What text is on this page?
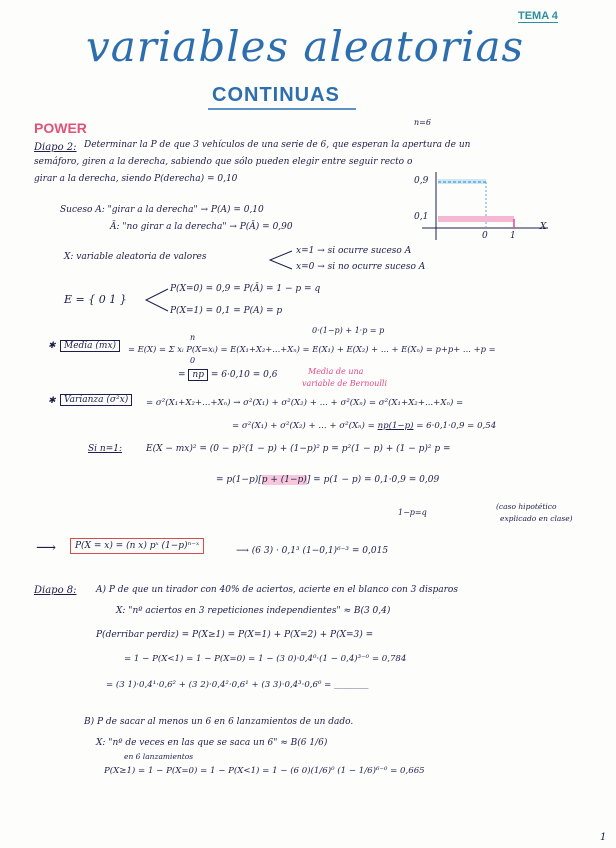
TEMA 4
variables aleatorias
CONTINUAS
POWER
Diapo 2: Determinar la P de que 3 vehículos de una serie de 6, que esperan la apertura de un
n=6
semáforo, giren a la derecha, sabiendo que sólo pueden elegir entre seguir recto o
girar a la derecha, siendo P(derecha) = 0,10	0,9
0,1
0 1
X
Suceso A: "girar a la derecha" → P(A) = 0,10
Ā: "no girar a la derecha" → P(Ā) = 0,90
X: variable aleatoria de valores
x=1 → si ocurre suceso A
x=0 → si no ocurre suceso A
E = { 0 1 }
P(X=0) = 0,9 = P(Ā) = 1 − p = q
P(X=1) = 0,1 = P(A) = p
0·(1−p) + 1·p = p
✱ Media (mx)
n
0
= E(X) = Σ xᵢ P(X=xᵢ) = E(X₁+X₂+...+Xₙ) = E(X₁) + E(X₂) + ... + E(Xₙ) = p+p+ ... +p =
= np = 6·0,10 = 0,6	Media de una
variable de Bernoulli
✱ Varianza (σ²x)	= σ²(X₁+X₂+...+Xₙ) → σ²(X₁) + σ²(X₂) + ... + σ²(Xₙ) = σ²(X₁+X₂+...+Xₙ) =
= σ²(X₁) + σ²(X₂) + ... + σ²(Xₙ) = np(1−p) = 6·0,1·0,9 = 0,54
Si n=1:	E(X − mx)² = (0 − p)²(1 − p) + (1−p)² p = p²(1 − p) + (1 − p)² p =
= p(1−p)[p + (1−p)] = p(1 − p) = 0,1·0,9 = 0,09
1−p=q
(caso hipotético
explicado en clase)
⟶	P(X = x) = (n x) pˣ (1−p)ⁿ⁻ˣ	⟶ (6 3) · 0,1³ (1−0,1)⁶⁻³ = 0,015
Diapo 8: A) P de que un tirador con 40% de aciertos, acierte en el blanco con 3 disparos
X: "nº aciertos en 3 repeticiones independientes" ≈ B(3 0,4)
P(derribar perdiz) = P(X≥1) = P(X=1) + P(X=2) + P(X=3) =
= 1 − P(X<1) = 1 − P(X=0) = 1 − (3 0)·0,4⁰·(1 − 0,4)³⁻⁰ = 0,784
= (3 1)·0,4¹·0,6² + (3 2)·0,4²·0,6¹ + (3 3)·0,4³·0,6⁰ = ________
B) P de sacar al menos un 6 en 6 lanzamientos de un dado.
X: "nº de veces en las que se saca un 6" ≈ B(6 1/6)
en 6 lanzamientos
P(X≥1) = 1 − P(X=0) = 1 − P(X<1) = 1 − (6 0)(1/6)⁰ (1 − 1/6)⁶⁻⁰ = 0,665
1
